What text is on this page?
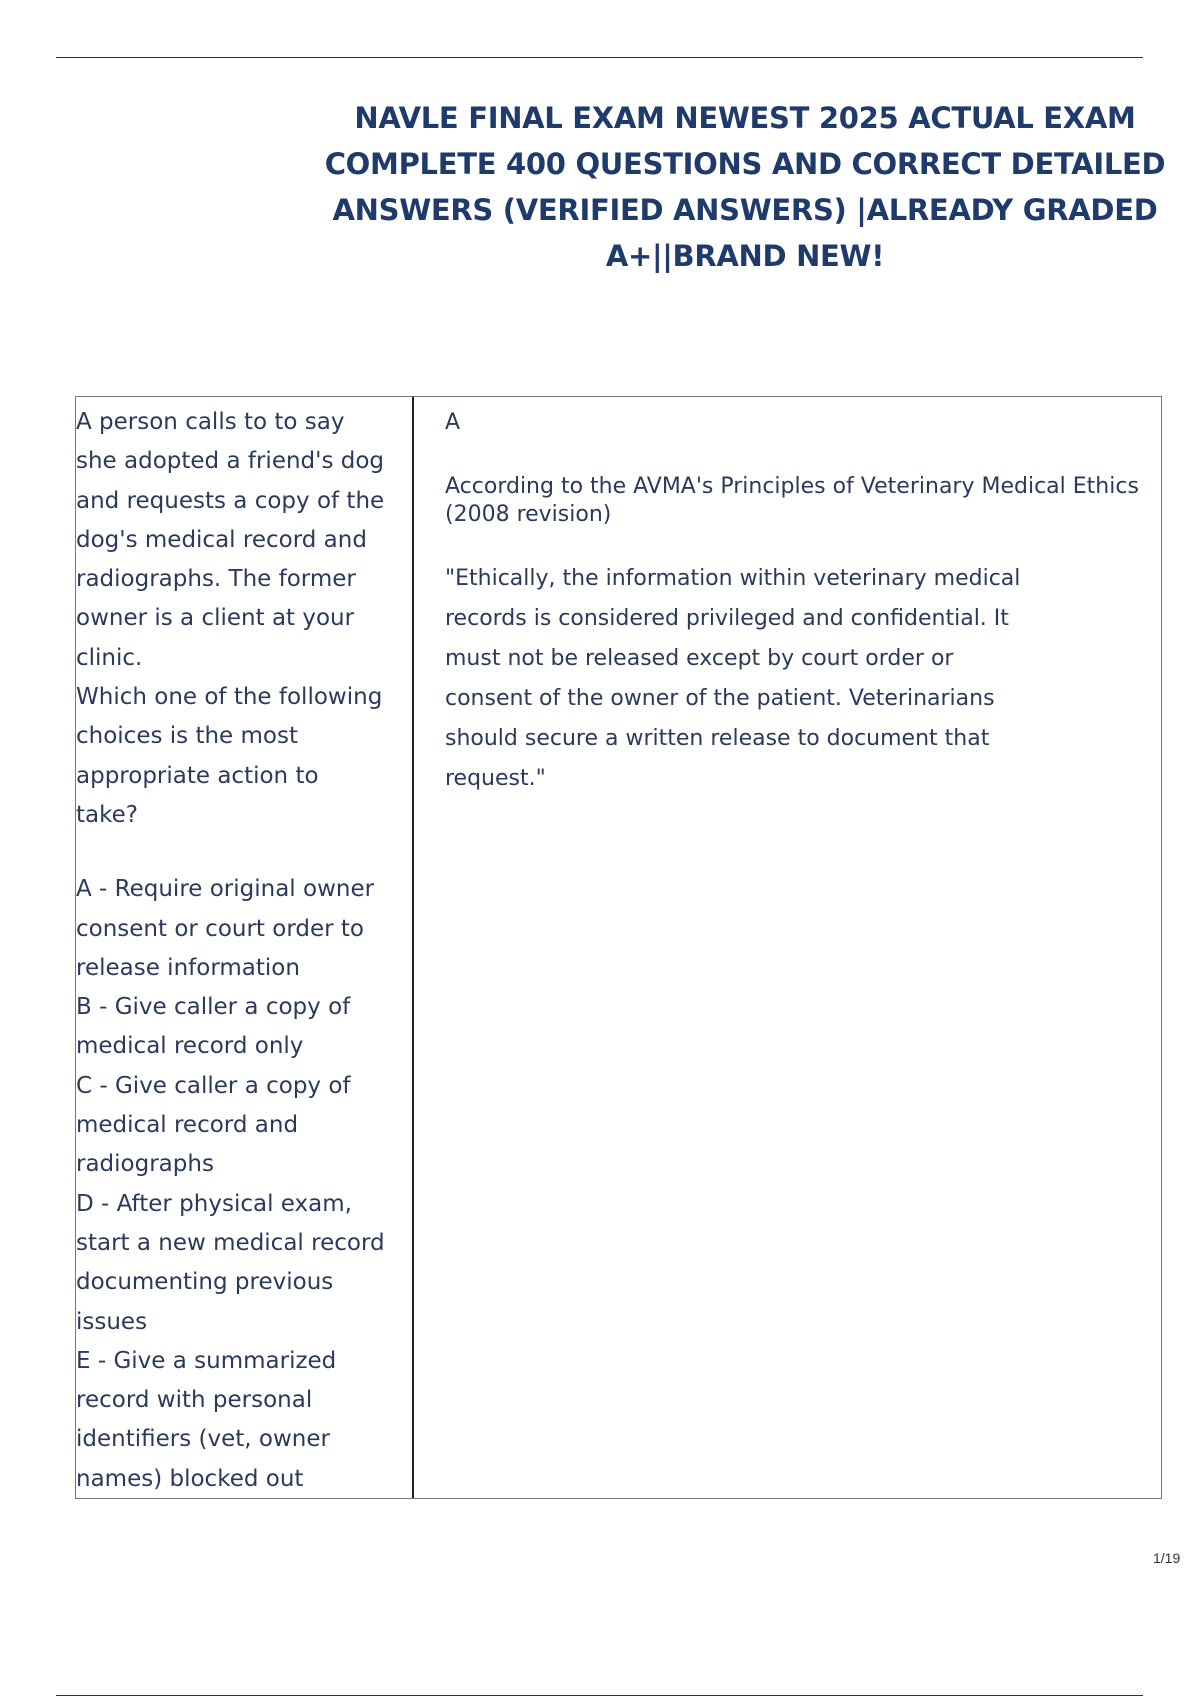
NAVLE FINAL EXAM NEWEST 2025 ACTUAL EXAM
COMPLETE 400 QUESTIONS AND CORRECT DETAILED
ANSWERS (VERIFIED ANSWERS) |ALREADY GRADED
A+||BRAND NEW!
A person calls to to say
she adopted a friend's dog
and requests a copy of the
dog's medical record and
radiographs. The former
owner is a client at your
clinic.
Which one of the following
choices is the most
appropriate action to
take?
A - Require original owner
consent or court order to
release information
B - Give caller a copy of
medical record only
C - Give caller a copy of
medical record and
radiographs
D - After physical exam,
start a new medical record
documenting previous
issues
E - Give a summarized
record with personal
identifiers (vet, owner
names) blocked out
A
According to the AVMA's Principles of Veterinary Medical Ethics (2008 revision)
"Ethically, the information within veterinary medical
records is considered privileged and confidential. It
must not be released except by court order or
consent of the owner of the patient. Veterinarians
should secure a written release to document that
request."
1/19
